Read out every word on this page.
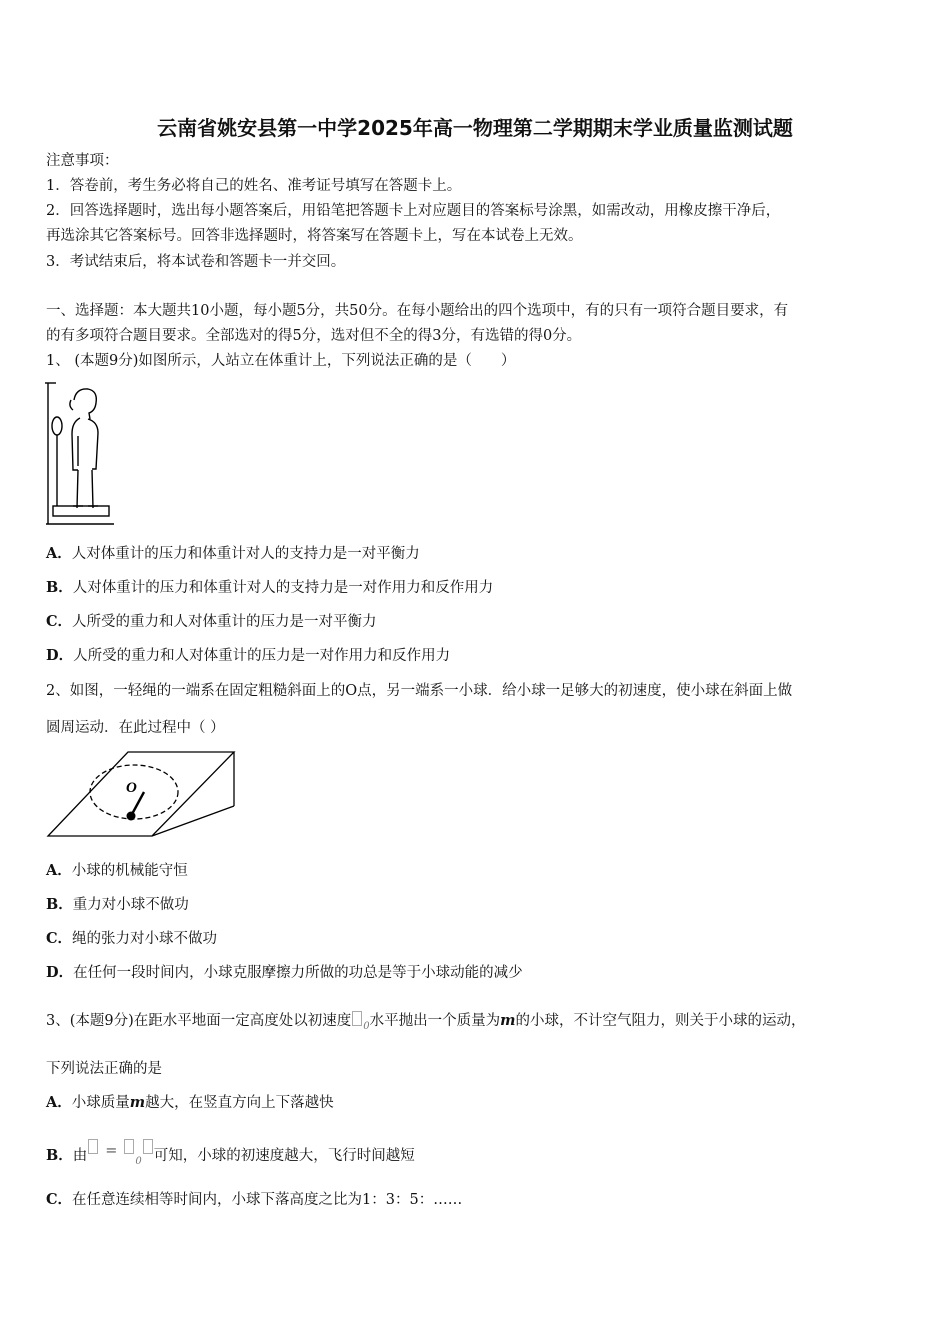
云南省姚安县第一中学2025年高一物理第二学期期末学业质量监测试题
注意事项：
1．答卷前，考生务必将自己的姓名、准考证号填写在答题卡上。
2．回答选择题时，选出每小题答案后，用铅笔把答题卡上对应题目的答案标号涂黑，如需改动，用橡皮擦干净后，
再选涂其它答案标号。回答非选择题时，将答案写在答题卡上，写在本试卷上无效。
3．考试结束后，将本试卷和答题卡一并交回。
一、选择题：本大题共10小题，每小题5分，共50分。在每小题给出的四个选项中，有的只有一项符合题目要求，有
的有多项符合题目要求。全部选对的得5分，选对但不全的得3分，有选错的得0分。
1、 (本题9分)如图所示，人站立在体重计上，下列说法正确的是（　　）
A．人对体重计的压力和体重计对人的支持力是一对平衡力
B．人对体重计的压力和体重计对人的支持力是一对作用力和反作用力
C．人所受的重力和人对体重计的压力是一对平衡力
D．人所受的重力和人对体重计的压力是一对作用力和反作用力
2、如图，一轻绳的一端系在固定粗糙斜面上的O点，另一端系一小球．给小球一足够大的初速度，使小球在斜面上做
圆周运动．在此过程中（ ）
O
A．小球的机械能守恒
B．重力对小球不做功
C．绳的张力对小球不做功
D．在任何一段时间内，小球克服摩擦力所做的功总是等于小球动能的减少
3、(本题9分)在距水平地面一定高度处以初速度 $_0$水平抛出一个质量为m的小球，不计空气阻力，则关于小球的运动，
下列说法正确的是
A．小球质量m越大，在竖直方向上下落越快
B．由 $=_0$ 可知，小球的初速度越大，飞行时间越短
C．在任意连续相等时间内，小球下落高度之比为1：3：5：……
